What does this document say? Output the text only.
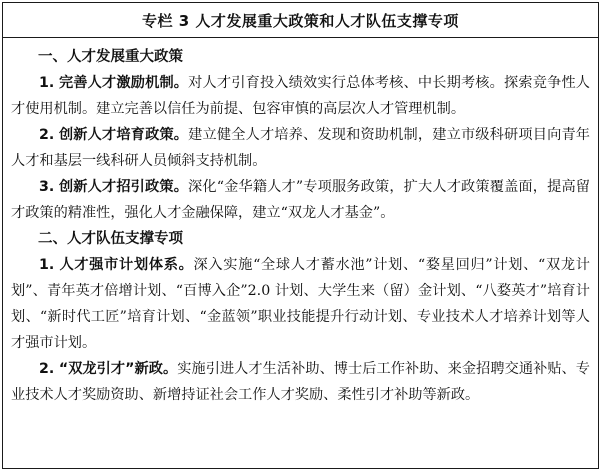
专栏 3 人才发展重大政策和人才队伍支撑专项
一、人才发展重大政策
1. 完善人才激励机制。对人才引育投入绩效实行总体考核、中长期考核。探索竞争性人才使用机制。建立完善以信任为前提、包容审慎的高层次人才管理机制。
2. 创新人才培育政策。建立健全人才培养、发现和资助机制，建立市级科研项目向青年人才和基层一线科研人员倾斜支持机制。
3. 创新人才招引政策。深化“金华籍人才”专项服务政策，扩大人才政策覆盖面，提高留才政策的精准性，强化人才金融保障，建立“双龙人才基金”。
二、人才队伍支撑专项
1. 人才强市计划体系。深入实施“全球人才蓄水池”计划、“婺星回归”计划、“双龙计划”、青年英才倍增计划、“百博入企”2.0 计划、大学生来（留）金计划、“八婺英才”培育计划、“新时代工匠”培育计划、“金蓝领”职业技能提升行动计划、专业技术人才培养计划等人才强市计划。
2. “双龙引才”新政。实施引进人才生活补助、博士后工作补助、来金招聘交通补贴、专业技术人才奖励资助、新增持证社会工作人才奖励、柔性引才补助等新政。
